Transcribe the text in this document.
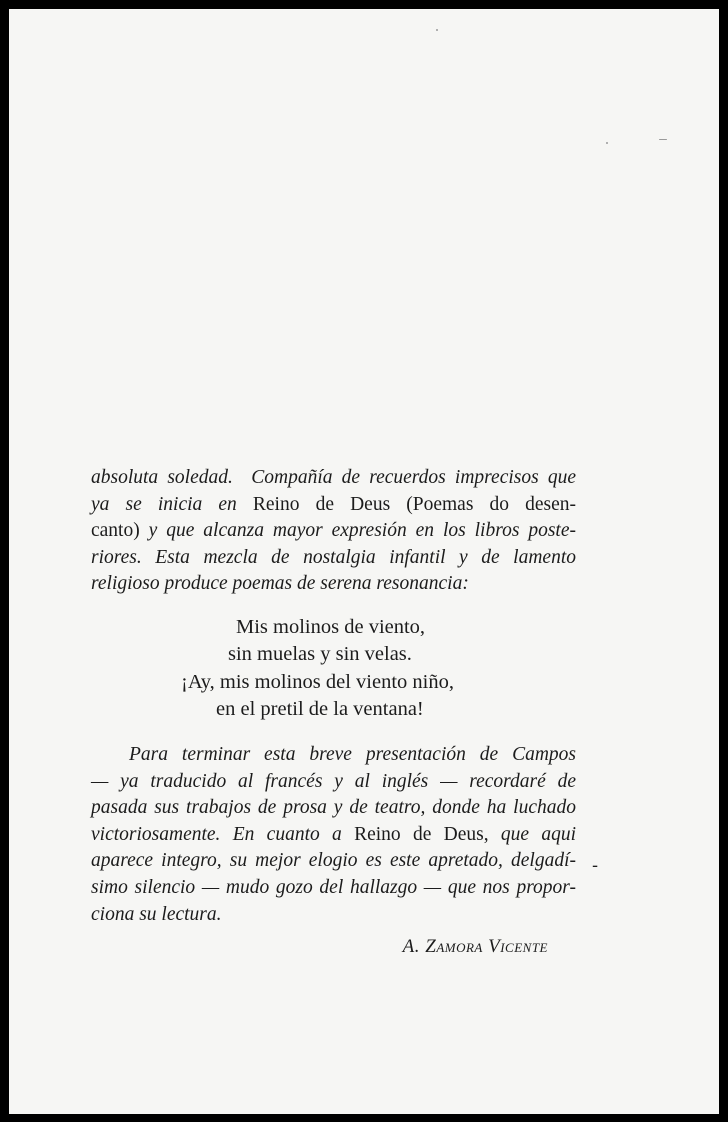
absoluta soledad. Compañía de recuerdos imprecisos que
ya se inicia en Reino de Deus (Poemas do desen-
canto) y que alcanza mayor expresión en los libros poste-
riores. Esta mezcla de nostalgia infantil y de lamento
religioso produce poemas de serena resonancia:

Mis molinos de viento,
sin muelas y sin velas.
¡Ay, mis molinos del viento niño,
en el pretil de la ventana!

Para terminar esta breve presentación de Campos
— ya traducido al francés y al inglés — recordaré de
pasada sus trabajos de prosa y de teatro, donde ha luchado
victoriosamente. En cuanto a Reino de Deus, que aqui
aparece integro, su mejor elogio es este apretado, delgadí-
simo silencio — mudo gozo del hallazgo — que nos propor-
ciona su lectura.

A. Zamora Vicente
-
